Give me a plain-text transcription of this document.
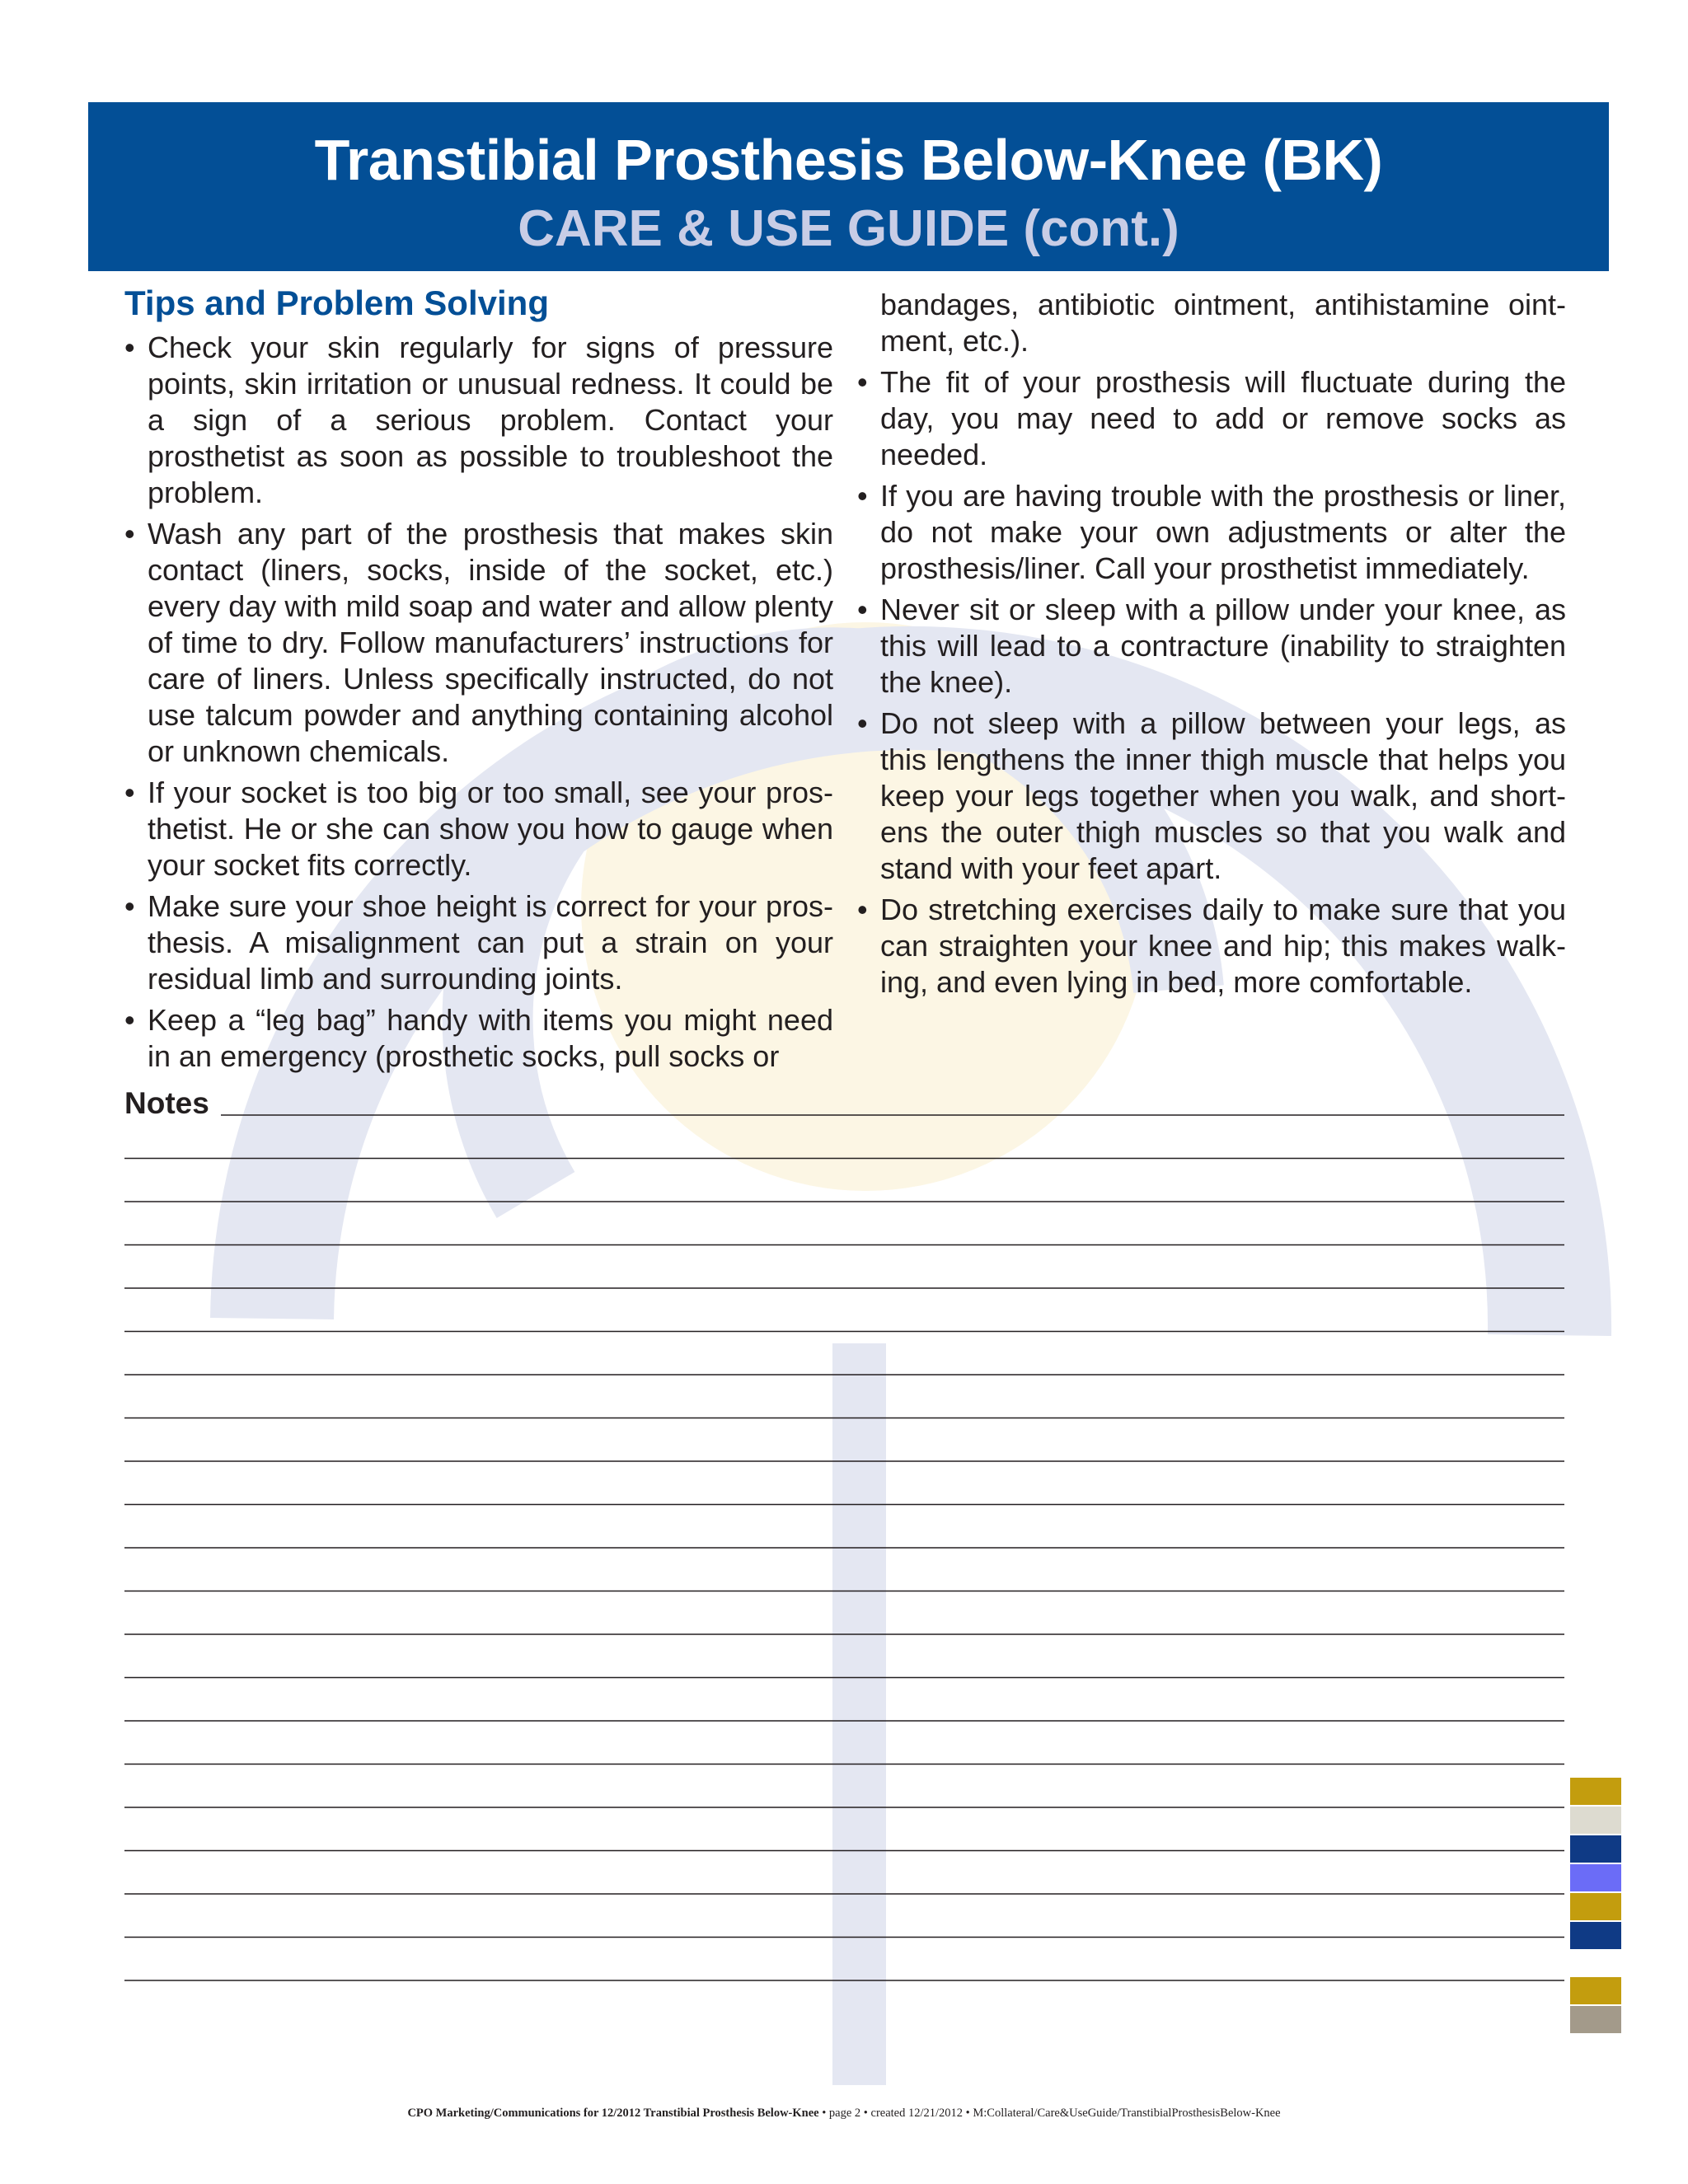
Transtibial Prosthesis Below-Knee (BK)
CARE & USE GUIDE (cont.)
Tips and Problem Solving
• Check your skin regularly for signs of pressure points, skin irritation or unusual redness. It could be a sign of a serious problem. Contact your prosthetist as soon as possible to troubleshoot the problem.
• Wash any part of the prosthesis that makes skin contact (liners, socks, inside of the socket, etc.) every day with mild soap and water and allow plenty of time to dry. Follow manufacturers’ instructions for care of liners. Unless specifically instructed, do not use talcum powder and anything containing alcohol or unknown chemicals.
• If your socket is too big or too small, see your pros-thetist. He or she can show you how to gauge when your socket fits correctly.
• Make sure your shoe height is correct for your pros-thesis. A misalignment can put a strain on your residual limb and surrounding joints.
• Keep a “leg bag” handy with items you might need in an emergency (prosthetic socks, pull socks or
bandages, antibiotic ointment, antihistamine oint-ment, etc.).
• The fit of your prosthesis will fluctuate during the day, you may need to add or remove socks as needed.
• If you are having trouble with the prosthesis or liner, do not make your own adjustments or alter the prosthesis/liner. Call your prosthetist immediately.
• Never sit or sleep with a pillow under your knee, as this will lead to a contracture (inability to straighten the knee).
• Do not sleep with a pillow between your legs, as this lengthens the inner thigh muscle that helps you keep your legs together when you walk, and short-ens the outer thigh muscles so that you walk and stand with your feet apart.
• Do stretching exercises daily to make sure that you can straighten your knee and hip; this makes walk-ing, and even lying in bed, more comfortable.
Notes
CPO Marketing/Communications for 12/2012 Transtibial Prosthesis Below-Knee • page 2 • created 12/21/2012 • M:Collateral/Care&UseGuide/TranstibialProsthesisBelow-Knee
